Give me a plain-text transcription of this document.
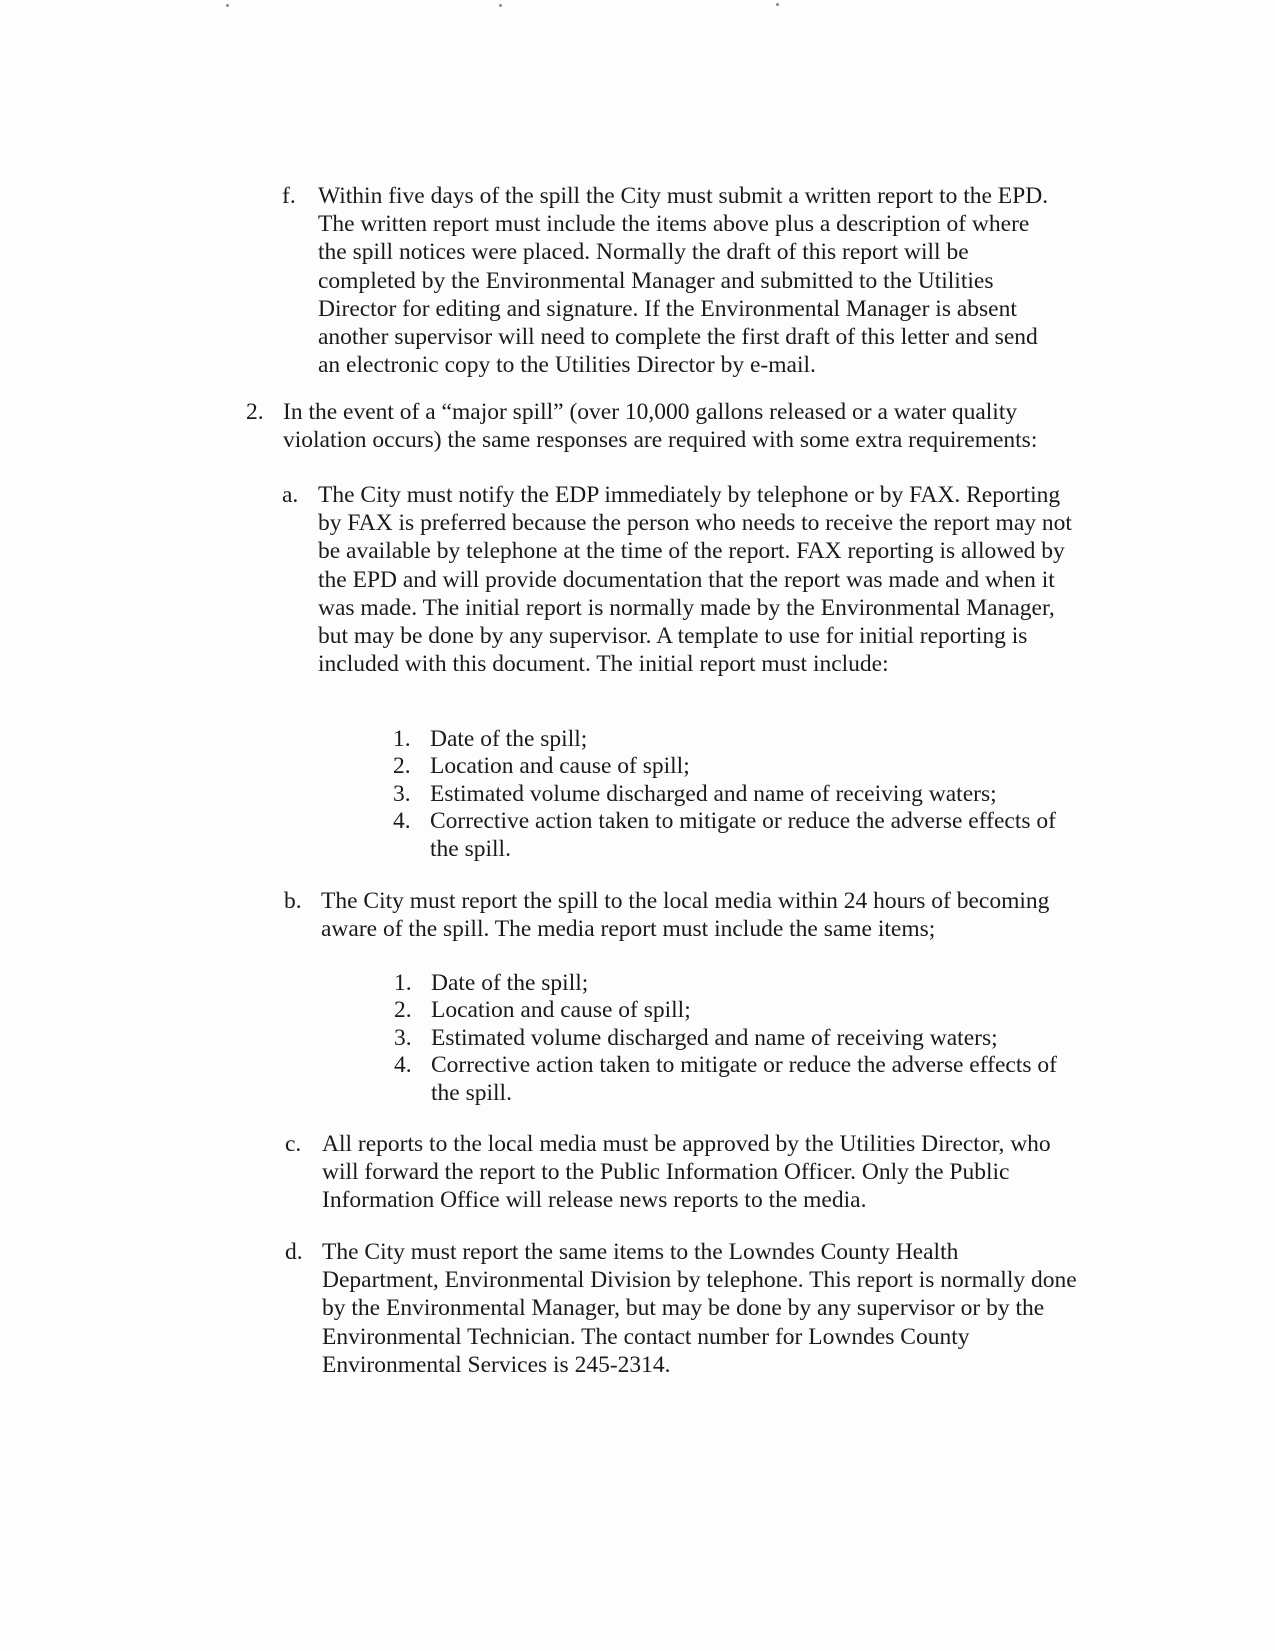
f. Within five days of the spill the City must submit a written report to the EPD. The written report must include the items above plus a description of where the spill notices were placed. Normally the draft of this report will be completed by the Environmental Manager and submitted to the Utilities Director for editing and signature. If the Environmental Manager is absent another supervisor will need to complete the first draft of this letter and send an electronic copy to the Utilities Director by e-mail.

2. In the event of a “major spill” (over 10,000 gallons released or a water quality violation occurs) the same responses are required with some extra requirements:

a. The City must notify the EDP immediately by telephone or by FAX. Reporting by FAX is preferred because the person who needs to receive the report may not be available by telephone at the time of the report. FAX reporting is allowed by the EPD and will provide documentation that the report was made and when it was made. The initial report is normally made by the Environmental Manager, but may be done by any supervisor. A template to use for initial reporting is included with this document. The initial report must include:

1. Date of the spill;
2. Location and cause of spill;
3. Estimated volume discharged and name of receiving waters;
4. Corrective action taken to mitigate or reduce the adverse effects of the spill.
b. The City must report the spill to the local media within 24 hours of becoming aware of the spill. The media report must include the same items;

1. Date of the spill;
2. Location and cause of spill;
3. Estimated volume discharged and name of receiving waters;
4. Corrective action taken to mitigate or reduce the adverse effects of the spill.
c. All reports to the local media must be approved by the Utilities Director, who will forward the report to the Public Information Officer. Only the Public Information Office will release news reports to the media.

d. The City must report the same items to the Lowndes County Health Department, Environmental Division by telephone. This report is normally done by the Environmental Manager, but may be done by any supervisor or by the Environmental Technician. The contact number for Lowndes County Environmental Services is 245-2314.
